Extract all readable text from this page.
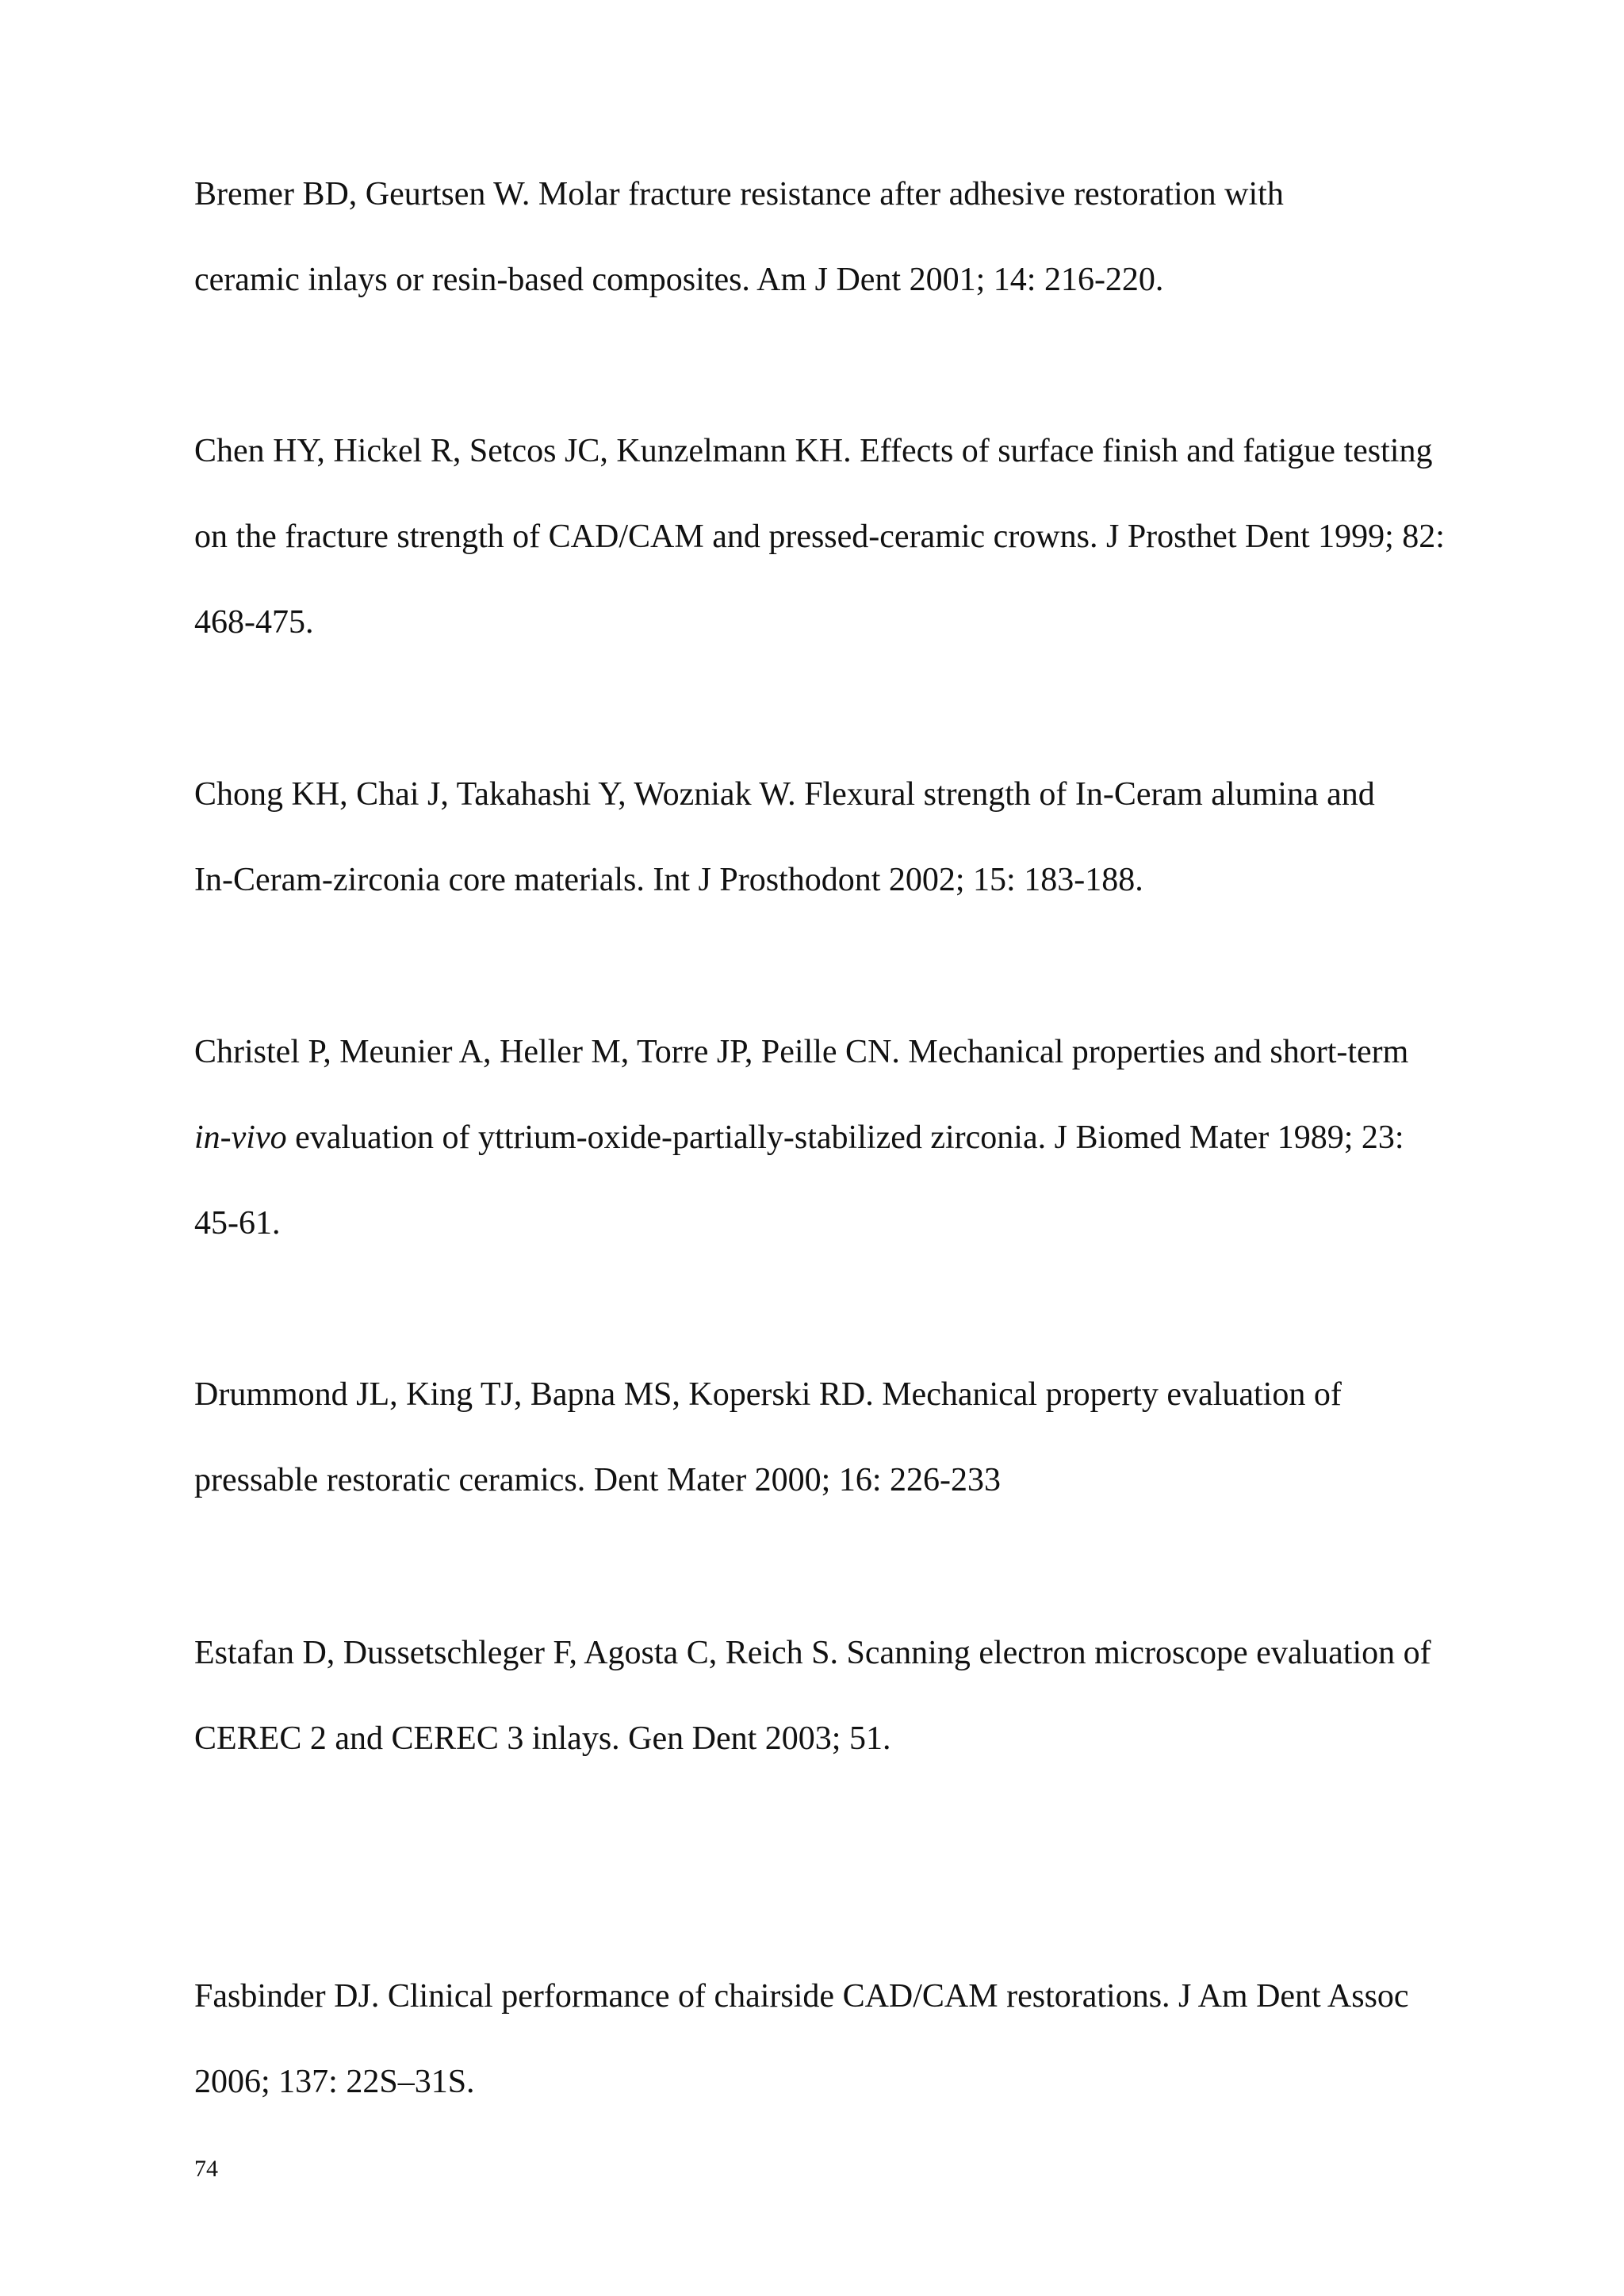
Bremer BD, Geurtsen W. Molar fracture resistance after adhesive restoration with

ceramic inlays or resin-based composites. Am J Dent 2001; 14: 216-220.

Chen HY, Hickel R, Setcos JC, Kunzelmann KH. Effects of surface finish and fatigue testing

on the fracture strength of CAD/CAM and pressed-ceramic crowns. J Prosthet Dent 1999; 82:

468-475.

Chong KH, Chai J, Takahashi Y, Wozniak W. Flexural strength of In-Ceram alumina and

In-Ceram-zirconia core materials. Int J Prosthodont 2002; 15: 183-188.

Christel P, Meunier A, Heller M, Torre JP, Peille CN. Mechanical properties and short-term

in-vivo evaluation of yttrium-oxide-partially-stabilized zirconia. J Biomed Mater 1989; 23:

45-61.

Drummond JL, King TJ, Bapna MS, Koperski RD. Mechanical property evaluation of

pressable restoratic ceramics. Dent Mater 2000; 16: 226-233

Estafan D, Dussetschleger F, Agosta C, Reich S. Scanning electron microscope evaluation of

CEREC 2 and CEREC 3 inlays. Gen Dent 2003; 51.

Fasbinder DJ. Clinical performance of chairside CAD/CAM restorations. J Am Dent Assoc

2006; 137: 22S–31S.

74
